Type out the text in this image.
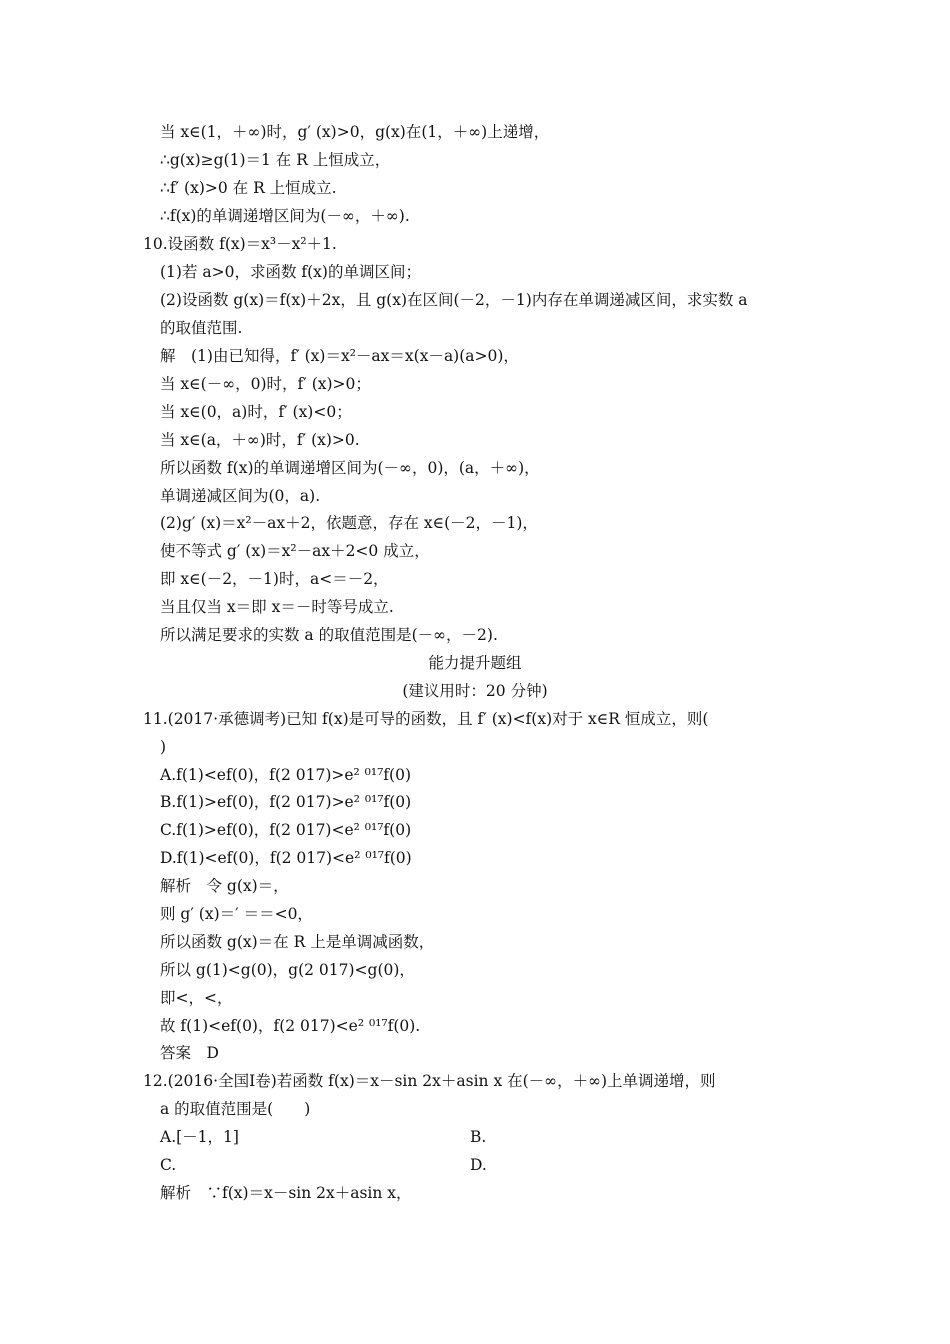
当 x∈(1，＋∞)时，g′ (x)>0，g(x)在(1，＋∞)上递增，
∴g(x)≥g(1)＝1 在 R 上恒成立，
∴f′ (x)>0 在 R 上恒成立.
∴f(x)的单调递增区间为(－∞，＋∞).
10.设函数 f(x)＝x³－x²＋1.
(1)若 a>0，求函数 f(x)的单调区间；
(2)设函数 g(x)＝f(x)＋2x，且 g(x)在区间(－2，－1)内存在单调递减区间，求实数 a
的取值范围.
解　(1)由已知得，f′ (x)＝x²－ax＝x(x－a)(a>0)，
当 x∈(－∞，0)时，f′ (x)>0；
当 x∈(0，a)时，f′ (x)<0；
当 x∈(a，＋∞)时，f′ (x)>0.
所以函数 f(x)的单调递增区间为(－∞，0)，(a，＋∞)，
单调递减区间为(0，a).
(2)g′ (x)＝x²－ax＋2，依题意，存在 x∈(－2，－1)，
使不等式 g′ (x)＝x²－ax＋2<0 成立，
即 x∈(－2，－1)时，a<＝－2，
当且仅当 x＝即 x＝－时等号成立.
所以满足要求的实数 a 的取值范围是(－∞，－2).
能力提升题组
(建议用时：20 分钟)
11.(2017·承德调考)已知 f(x)是可导的函数，且 f′ (x)<f(x)对于 x∈R 恒成立，则(
)
A.f(1)<ef(0)，f(2 017)>e² ⁰¹⁷f(0)
B.f(1)>ef(0)，f(2 017)>e² ⁰¹⁷f(0)
C.f(1)>ef(0)，f(2 017)<e² ⁰¹⁷f(0)
D.f(1)<ef(0)，f(2 017)<e² ⁰¹⁷f(0)
解析　令 g(x)＝，
则 g′ (x)＝′ ＝＝<0，
所以函数 g(x)＝在 R 上是单调减函数，
所以 g(1)<g(0)，g(2 017)<g(0)，
即<，<，
故 f(1)<ef(0)，f(2 017)<e² ⁰¹⁷f(0).
答案　D
12.(2016·全国Ⅰ卷)若函数 f(x)＝x－sin 2x＋asin x 在(－∞，＋∞)上单调递增，则
a 的取值范围是(　　)
A.[－1，1]	B.
C.	D.
解析　∵f(x)＝x－sin 2x＋asin x，
